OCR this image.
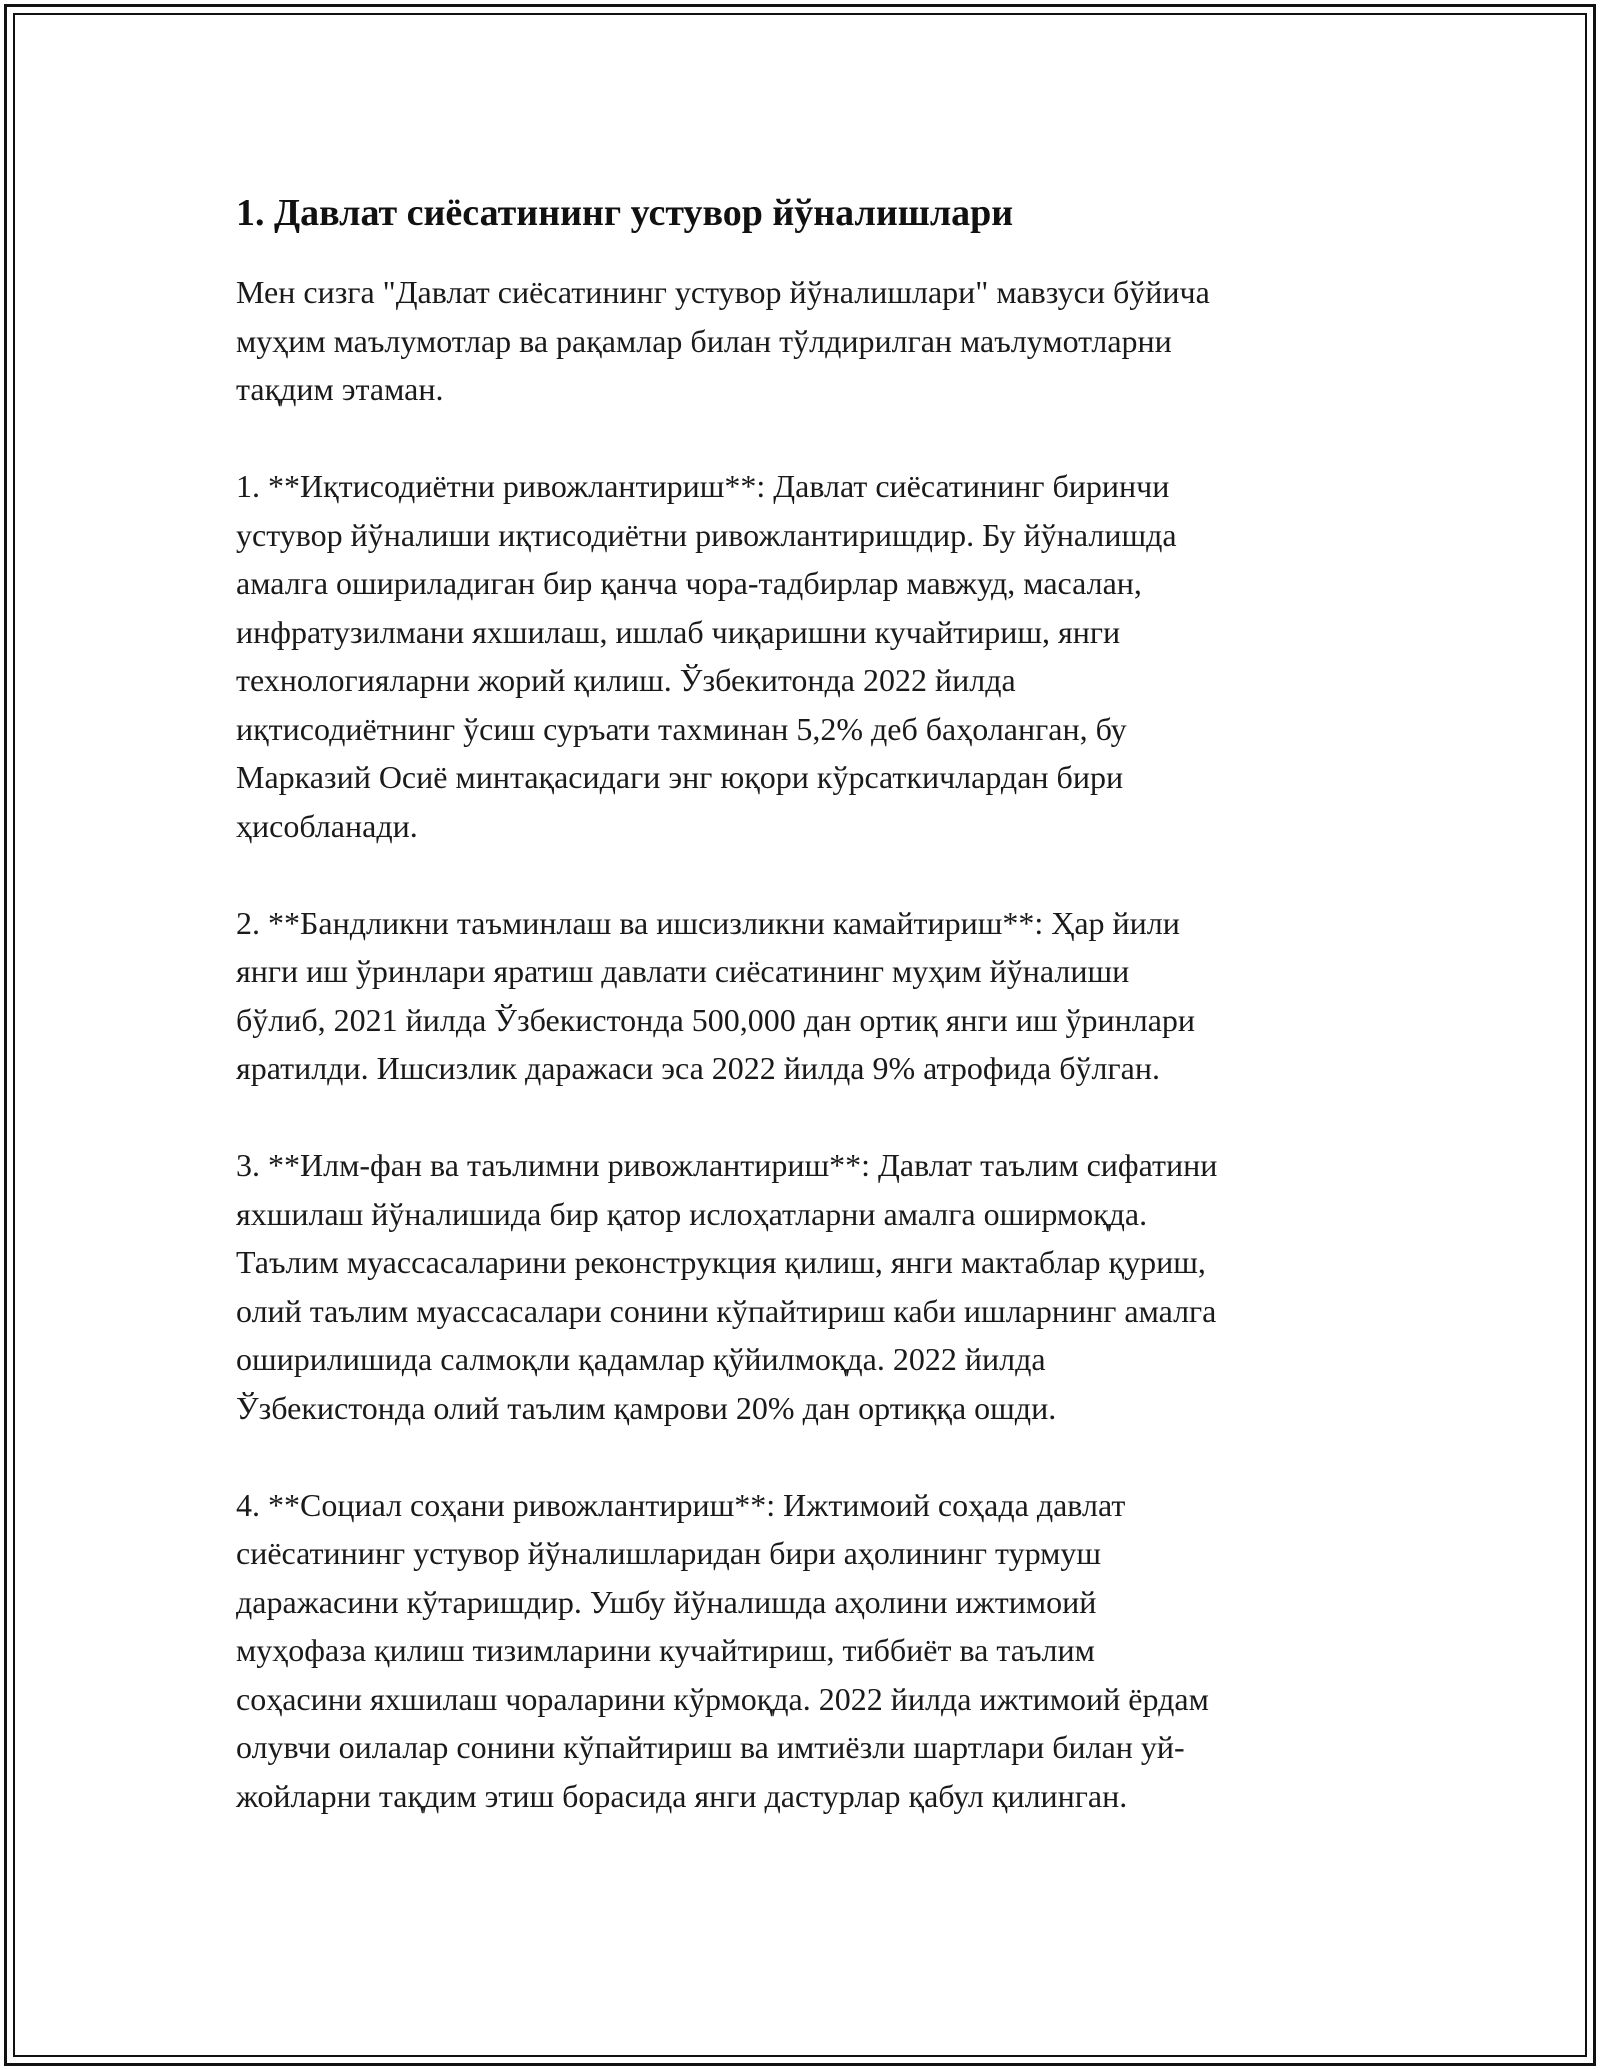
1. Давлат сиёсатининг устувор йўналишлари

Мен сизга "Давлат сиёсатининг устувор йўналишлари" мавзуси бўйича
муҳим маълумотлар ва рақамлар билан тўлдирилган маълумотларни
тақдим этаман.

1. **Иқтисодиётни ривожлантириш**: Давлат сиёсатининг биринчи
устувор йўналиши иқтисодиётни ривожлантиришдир. Бу йўналишда
амалга ошириладиган бир қанча чора-тадбирлар мавжуд, масалан,
инфратузилмани яхшилаш, ишлаб чиқаришни кучайтириш, янги
технологияларни жорий қилиш. Ўзбекитонда 2022 йилда
иқтисодиётнинг ўсиш суръати тахминан 5,2% деб баҳоланган, бу
Марказий Осиё минтақасидаги энг юқори кўрсаткичлардан бири
ҳисобланади.

2. **Бандликни таъминлаш ва ишсизликни камайтириш**: Ҳар йили
янги иш ўринлари яратиш давлати сиёсатининг муҳим йўналиши
бўлиб, 2021 йилда Ўзбекистонда 500,000 дан ортиқ янги иш ўринлари
яратилди. Ишсизлик даражаси эса 2022 йилда 9% атрофида бўлган.

3. **Илм-фан ва таълимни ривожлантириш**: Давлат таълим сифатини
яхшилаш йўналишида бир қатор ислоҳатларни амалга оширмоқда.
Таълим муассасаларини реконструкция қилиш, янги мактаблар қуриш,
олий таълим муассасалари сонини кўпайтириш каби ишларнинг амалга
оширилишида салмоқли қадамлар қўйилмоқда. 2022 йилда
Ўзбекистонда олий таълим қамрови 20% дан ортиққа ошди.

4. **Социал соҳани ривожлантириш**: Ижтимоий соҳада давлат
сиёсатининг устувор йўналишларидан бири аҳолининг турмуш
даражасини кўтаришдир. Ушбу йўналишда аҳолини ижтимоий
муҳофаза қилиш тизимларини кучайтириш, тиббиёт ва таълим
соҳасини яхшилаш чораларини кўрмоқда. 2022 йилда ижтимоий ёрдам
олувчи оилалар сонини кўпайтириш ва имтиёзли шартлари билан уй-
жойларни тақдим этиш борасида янги дастурлар қабул қилинган.
